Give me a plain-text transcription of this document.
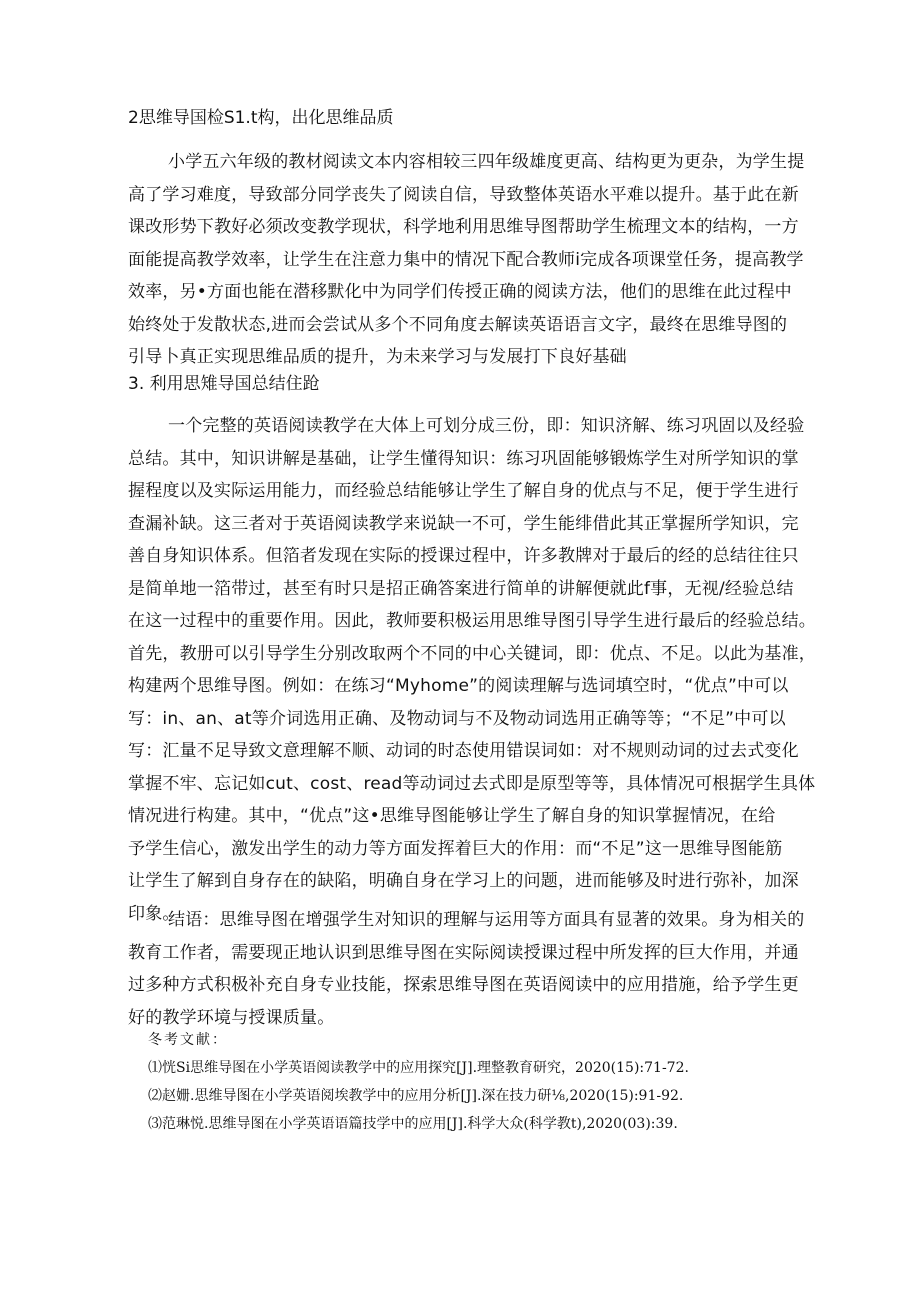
2思维导国检S1.t构，出化思维品质
小学五六年级的教材阅读文本内容相较三四年级雄度更高、结构更为更杂，为学生提
高了学习难度，导致部分同学丧失了阅读自信，导致整体英语水平难以提升。基于此在新
课改形势下教好必须改变教学现状，科学地利用思维导图帮助学生梳理文本的结构，一方
面能提高教学效率，让学生在注意力集中的情况下配合教师i完成各项课堂任务，提高教学
效率，另•方面也能在潜移默化中为同学们传授正确的阅读方法，他们的思维在此过程中
始终处于发散状态,进而会尝试从多个不同角度去解读英语语言文字，最终在思维导图的
引导卜真正实现思维品质的提升，为未来学习与发展打下良好基础
3. 利用思雉导国总结住跄
一个完整的英语阅读教学在大体上可划分成三份，即：知识济解、练习巩固以及经验
总结。其中，知识讲解是基础，让学生懂得知识：练习巩固能够锻炼学生对所学知识的掌
握程度以及实际运用能力，而经验总结能够让学生了解自身的优点与不足，便于学生进行
查漏补缺。这三者对于英语阅读教学来说缺一不可，学生能绯借此其正掌握所学知识，完
善自身知识体系。但箔者发现在实际的授课过程中，许多教牌对于最后的经的总结往往只
是简单地一箔带过，甚至有时只是招正确答案进行简单的讲解便就此f事，无视/经验总结
在这一过程中的重要作用。因此，教师要积极运用思维导图引导学生进行最后的经验总结。
首先，教册可以引导学生分别改取两个不同的中心关键词，即：优点、不足。以此为基准，
构建两个思维导图。例如：在练习“Myhome”的阅读理解与选词填空时，“优点”中可以
写：in、an、at等介词选用正确、及物动词与不及物动词选用正确等等；“不足”中可以
写：汇量不足导致文意理解不顺、动词的时态使用错误词如：对不规则动词的过去式变化
掌握不牢、忘记如cut、cost、read等动词过去式即是原型等等，具体情况可根据学生具体
情况进行构建。其中，“优点”这•思维导图能够让学生了解自身的知识掌握情况，在给
予学生信心，激发出学生的动力等方面发挥着巨大的作用：而“不足”这一思维导图能筋
让学生了解到自身存在的缺陷，明确自身在学习上的问题，进而能够及时进行弥补，加深
印象。
结语：思维导图在增强学生对知识的理解与运用等方面具有显著的效果。身为相关的
教育工作者，需要现正地认识到思维导图在实际阅读授课过程中所发挥的巨大作用，并通
过多种方式积极补充自身专业技能，探索思维导图在英语阅读中的应用措施，给予学生更
好的教学环境与授课质量。
冬考文献：
⑴恍Si思维导图在小学英语阅读教学中的应用探究[J].理整教育研究，2020(15):71-72.
⑵赵姗.思维导图在小学英语阅埃教学中的应用分析[J].深在技力研⅛,2020(15):91-92.
⑶范琳悦.思维导图在小学英语语篇技学中的应用[J].科学大众(科学教t),2020(03):39.
